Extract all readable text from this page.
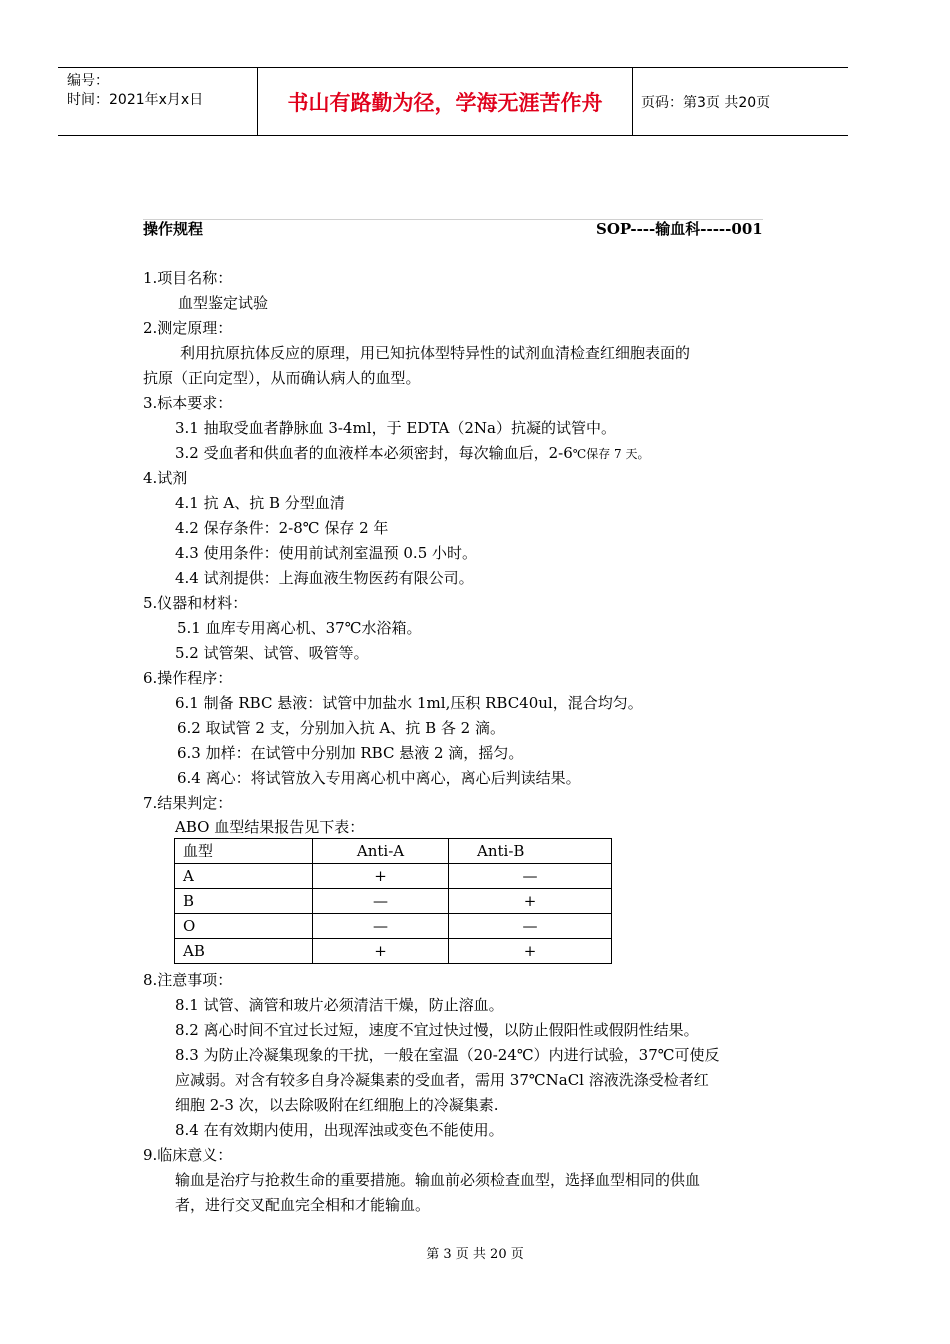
编号：
时间：2021年x月x日	书山有路勤为径，学海无涯苦作舟	页码：第3页 共20页
操作规程	SOP----输血科-----001
1.项目名称：
血型鉴定试验
2.测定原理：
利用抗原抗体反应的原理，用已知抗体型特异性的试剂血清检查红细胞表面的
抗原（正向定型），从而确认病人的血型。
3.标本要求：
3.1 抽取受血者静脉血 3-4ml，于 EDTA（2Na）抗凝的试管中。
3.2 受血者和供血者的血液样本必须密封，每次输血后，2-6℃保存 7 天。
4.试剂
4.1 抗 A、抗 B 分型血清
4.2 保存条件：2-8℃ 保存 2 年
4.3 使用条件：使用前试剂室温预 0.5 小时。
4.4 试剂提供：上海血液生物医药有限公司。
5.仪器和材料：
5.1 血库专用离心机、37℃水浴箱。
5.2 试管架、试管、吸管等。
6.操作程序：
6.1 制备 RBC 悬液：试管中加盐水 1ml,压积 RBC40ul，混合均匀。
6.2 取试管 2 支，分别加入抗 A、抗 B 各 2 滴。
6.3 加样：在试管中分别加 RBC 悬液 2 滴，摇匀。
6.4 离心：将试管放入专用离心机中离心，离心后判读结果。
7.结果判定：
ABO 血型结果报告见下表：
血型	Anti-A	Anti-B
A	+	—
B	—	+
O	—	—
AB	+	+
8.注意事项：
8.1 试管、滴管和玻片必须清洁干燥，防止溶血。
8.2 离心时间不宜过长过短，速度不宜过快过慢，以防止假阳性或假阴性结果。
8.3 为防止冷凝集现象的干扰，一般在室温（20-24℃）内进行试验，37℃可使反
应减弱。对含有较多自身冷凝集素的受血者，需用 37℃NaCl 溶液洗涤受检者红
细胞 2-3 次，以去除吸附在红细胞上的冷凝集素.
8.4 在有效期内使用，出现浑浊或变色不能使用。
9.临床意义：
输血是治疗与抢救生命的重要措施。输血前必须检查血型，选择血型相同的供血
者，进行交叉配血完全相和才能输血。
第 3 页 共 20 页
